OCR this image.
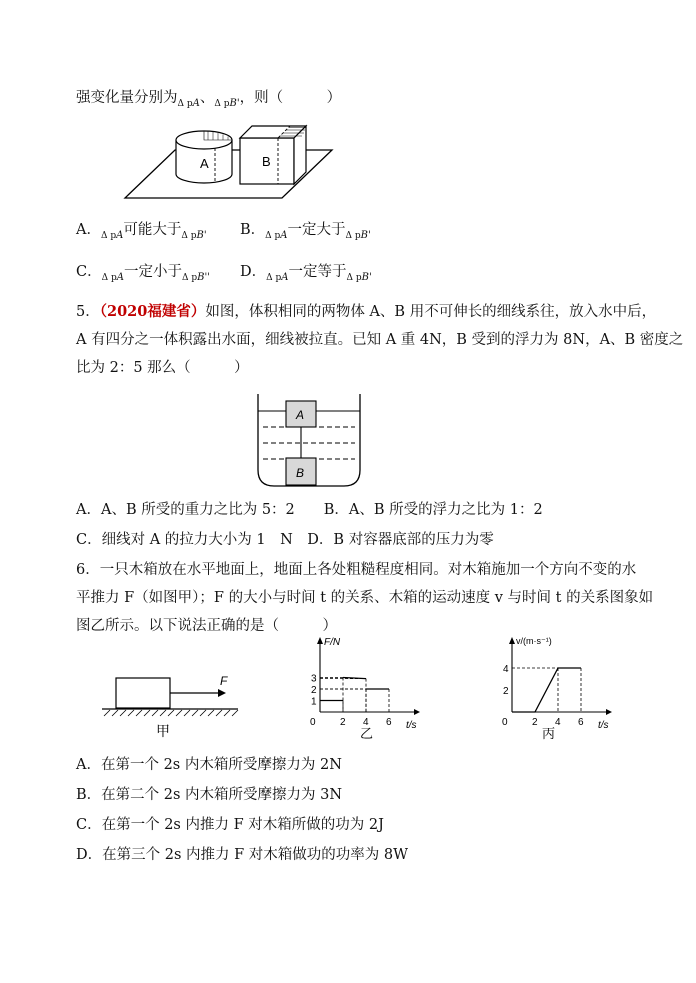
强变化量分别为$_{\Delta pA}$、$_{\Delta pB'}$，则（　　　）
A	B
A．$_{\Delta pA}$可能大于$_{\Delta pB'}$ B．$_{\Delta pA}$一定大于$_{\Delta pB'}$
C．$_{\Delta pA}$一定小于$_{\Delta pB''}$ D．$_{\Delta pA}$一定等于$_{\Delta pB'}$
5．（2020福建省）如图，体积相同的两物体 A、B 用不可伸长的细线系往，放入水中后，
A 有四分之一体积露出水面，细线被拉直。已知 A 重 4N，B 受到的浮力为 8N，A、B 密度之
比为 2：5 那么（　　　）
A
B
A．A、B 所受的重力之比为 5：2　　B．A、B 所受的浮力之比为 1：2
C．细线对 A 的拉力大小为 1　N　D．B 对容器底部的压力为零
6．一只木箱放在水平地面上，地面上各处粗糙程度相同。对木箱施加一个方向不变的水
平推力 F（如图甲）；F 的大小与时间 t 的关系、木箱的运动速度 v 与时间 t 的关系图象如
图乙所示。以下说法正确的是（　　　）
F
甲
F/N
t/s
乙
0 2 4 6
1
2
3
v/(m·s⁻¹)
t/s
丙
0 2 4 6
2
4
A．在第一个 2s 内木箱所受摩擦力为 2N
B．在第二个 2s 内木箱所受摩擦力为 3N
C．在第一个 2s 内推力 F 对木箱所做的功为 2J
D．在第三个 2s 内推力 F 对木箱做功的功率为 8W
